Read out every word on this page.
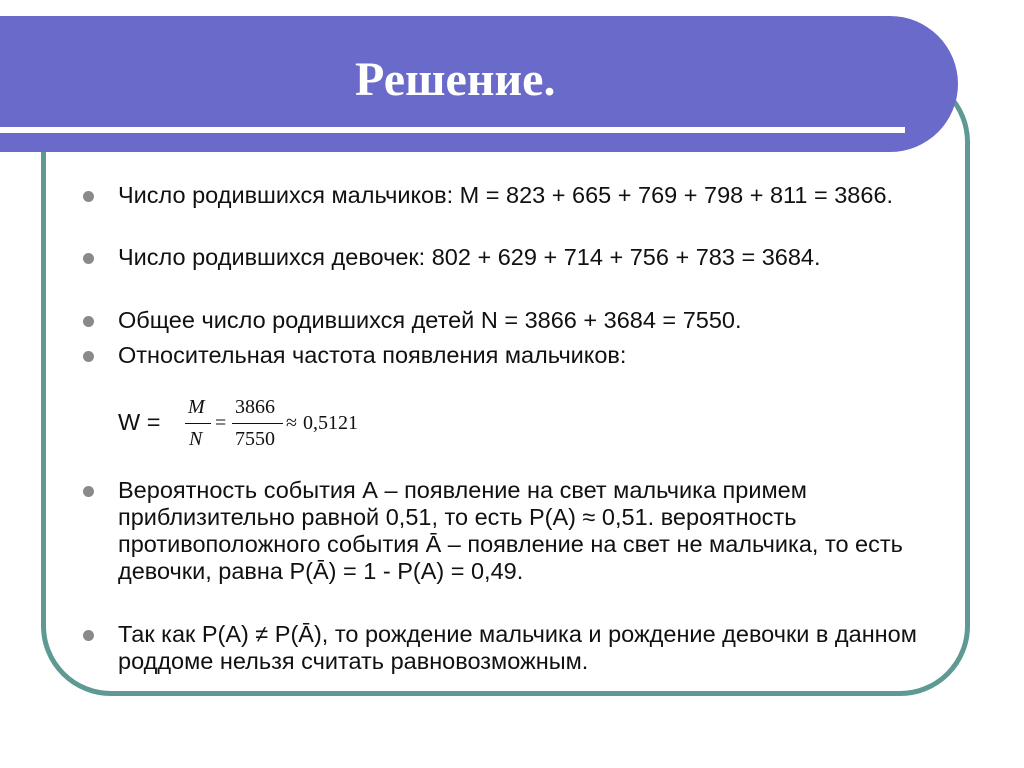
Решение.
Число родившихся мальчиков: М = 823 + 665 + 769 + 798 + 811 = 3866.
Число родившихся девочек: 802 + 629 + 714 + 756 + 783 = 3684.
Общее число родившихся детей N = 3866 + 3684 = 7550.
Относительная частота появления мальчиков:
Вероятность события А – появление на свет мальчика примем приблизительно равной 0,51, то есть Р(А) ≈ 0,51. вероятность противоположного события Ā – появление на свет не мальчика, то есть девочки, равна Р(Ā) = 1 - Р(А) = 0,49.
Так как Р(А) ≠ Р(Ā), то рождение мальчика и рождение девочки в данном роддоме нельзя считать равновозможным.
W =
M
N
=
3866
7550
≈ 0,5121
